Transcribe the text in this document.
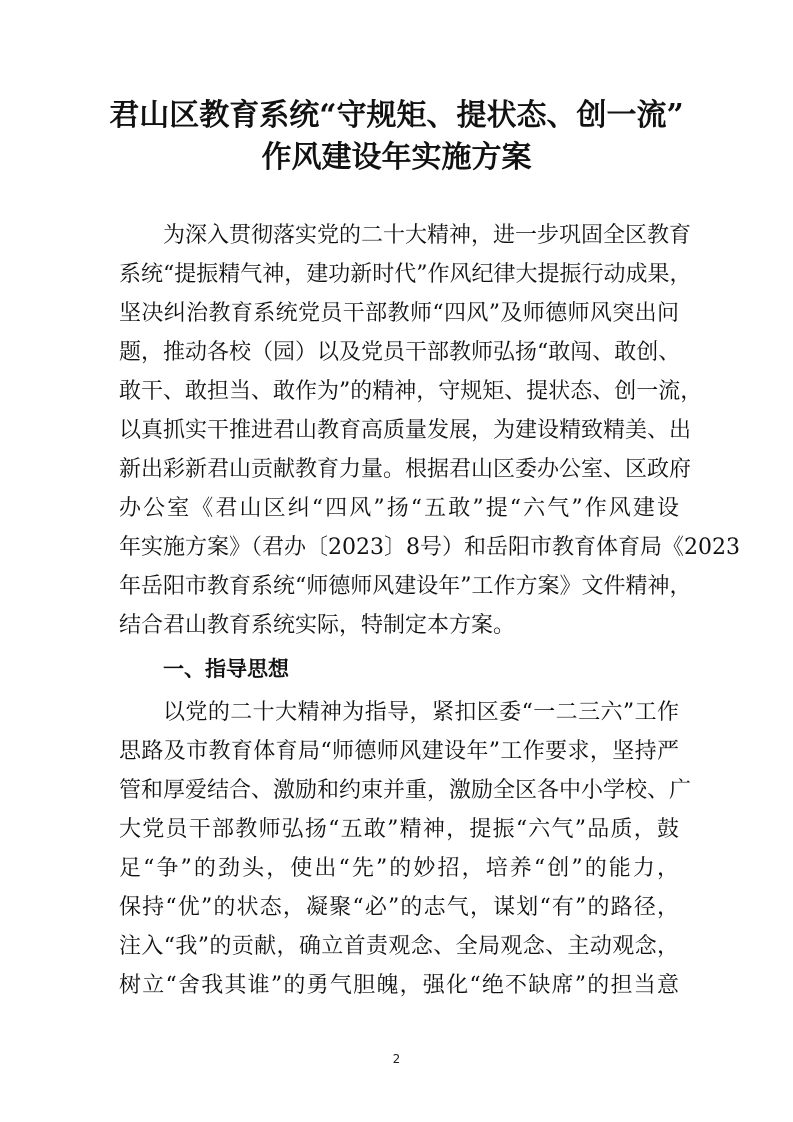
君山区教育系统“守规矩、提状态、创一流”
作风建设年实施方案
为深入贯彻落实党的二十大精神，进一步巩固全区教育
系统“提振精气神，建功新时代”作风纪律大提振行动成果，
坚决纠治教育系统党员干部教师“四风”及师德师风突出问
题，推动各校（园）以及党员干部教师弘扬“敢闯、敢创、
敢干、敢担当、敢作为”的精神，守规矩、提状态、创一流，
以真抓实干推进君山教育高质量发展，为建设精致精美、出
新出彩新君山贡献教育力量。根据君山区委办公室、区政府
办公室《君山区纠“四风”扬“五敢”提“六气”作风建设
年实施方案》（君办〔2023〕8号）和岳阳市教育体育局《2023
年岳阳市教育系统“师德师风建设年”工作方案》文件精神，
结合君山教育系统实际，特制定本方案。
一、指导思想
以党的二十大精神为指导，紧扣区委“一二三六”工作
思路及市教育体育局“师德师风建设年”工作要求，坚持严
管和厚爱结合、激励和约束并重，激励全区各中小学校、广
大党员干部教师弘扬“五敢”精神，提振“六气”品质，鼓
足“争”的劲头，使出“先”的妙招，培养“创”的能力，
保持“优”的状态，凝聚“必”的志气，谋划“有”的路径，
注入“我”的贡献，确立首责观念、全局观念、主动观念，
树立“舍我其谁”的勇气胆魄，强化“绝不缺席”的担当意
2
